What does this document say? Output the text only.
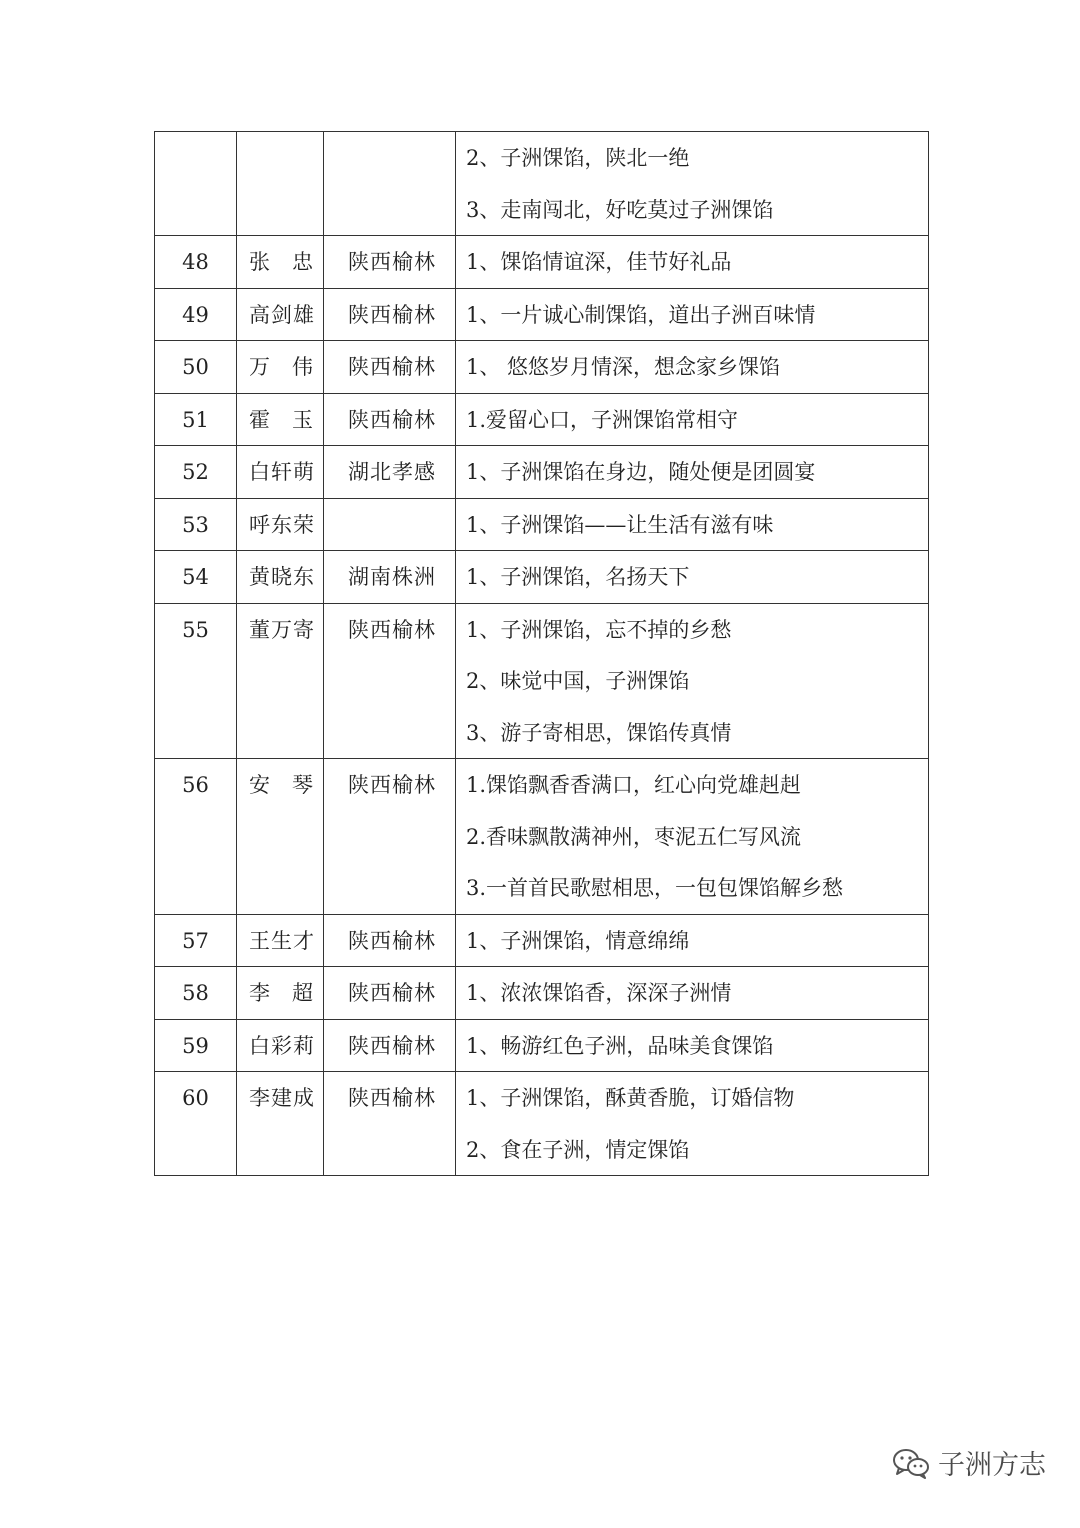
			2、子洲馃馅，陕北一绝
3、走南闯北，好吃莫过子洲馃馅

48	张忠	陕西榆林	1、馃馅情谊深，佳节好礼品

49	高剑雄	陕西榆林	1、一片诚心制馃馅，道出子洲百味情

50	万伟	陕西榆林	1、 悠悠岁月情深，想念家乡馃馅

51	霍玉	陕西榆林	1.爱留心口，子洲馃馅常相守

52	白轩萌	湖北孝感	1、子洲馃馅在身边，随处便是团圆宴

53	呼东荣		1、子洲馃馅——让生活有滋有味

54	黄晓东	湖南株洲	1、子洲馃馅，名扬天下

55	董万寄	陕西榆林	1、子洲馃馅，忘不掉的乡愁
2、味觉中国，子洲馃馅
3、游子寄相思，馃馅传真情

56	安琴	陕西榆林	1.馃馅飘香香满口，红心向党雄赳赳
2.香味飘散满神州，枣泥五仁写风流
3.一首首民歌慰相思，一包包馃馅解乡愁

57	王生才	陕西榆林	1、子洲馃馅，情意绵绵

58	李超	陕西榆林	1、浓浓馃馅香，深深子洲情

59	白彩莉	陕西榆林	1、畅游红色子洲，品味美食馃馅

60	李建成	陕西榆林	1、子洲馃馅，酥黄香脆，订婚信物
2、食在子洲，情定馃馅
子洲方志
